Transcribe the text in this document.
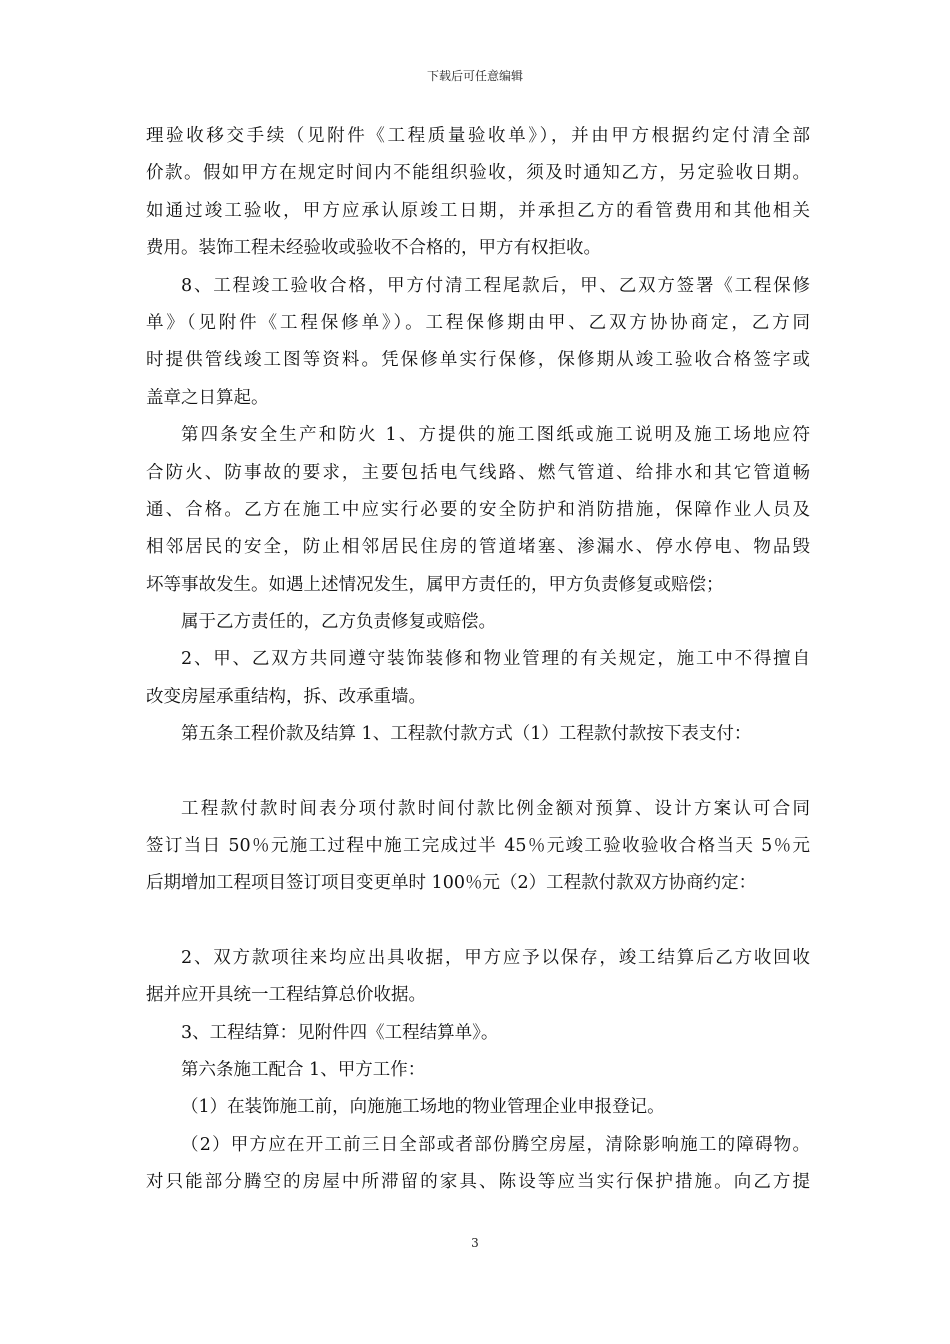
下载后可任意编辑
理验收移交手续（见附件《工程质量验收单》），并由甲方根据约定付清全部
价款。假如甲方在规定时间内不能组织验收，须及时通知乙方，另定验收日期。
如通过竣工验收，甲方应承认原竣工日期，并承担乙方的看管费用和其他相关
费用。装饰工程未经验收或验收不合格的，甲方有权拒收。
8、工程竣工验收合格，甲方付清工程尾款后，甲、乙双方签署《工程保修
单》（见附件《工程保修单》）。工程保修期由甲、乙双方协协商定，乙方同
时提供管线竣工图等资料。凭保修单实行保修，保修期从竣工验收合格签字或
盖章之日算起。
第四条安全生产和防火 1、方提供的施工图纸或施工说明及施工场地应符
合防火、防事故的要求，主要包括电气线路、燃气管道、给排水和其它管道畅
通、合格。乙方在施工中应实行必要的安全防护和消防措施，保障作业人员及
相邻居民的安全，防止相邻居民住房的管道堵塞、渗漏水、停水停电、物品毁
坏等事故发生。如遇上述情况发生，属甲方责任的，甲方负责修复或赔偿；
属于乙方责任的，乙方负责修复或赔偿。
2、甲、乙双方共同遵守装饰装修和物业管理的有关规定，施工中不得擅自
改变房屋承重结构，拆、改承重墙。
第五条工程价款及结算 1、工程款付款方式（1）工程款付款按下表支付：
工程款付款时间表分项付款时间付款比例金额对预算、设计方案认可合同
签订当日 50％元施工过程中施工完成过半 45％元竣工验收验收合格当天 5％元
后期增加工程项目签订项目变更单时 100％元（2）工程款付款双方协商约定：
2、双方款项往来均应出具收据，甲方应予以保存，竣工结算后乙方收回收
据并应开具统一工程结算总价收据。
3、工程结算：见附件四《工程结算单》。
第六条施工配合 1、甲方工作：
（1）在装饰施工前，向施施工场地的物业管理企业申报登记。
（2）甲方应在开工前三日全部或者部份腾空房屋，清除影响施工的障碍物。
对只能部分腾空的房屋中所滞留的家具、陈设等应当实行保护措施。向乙方提
3
